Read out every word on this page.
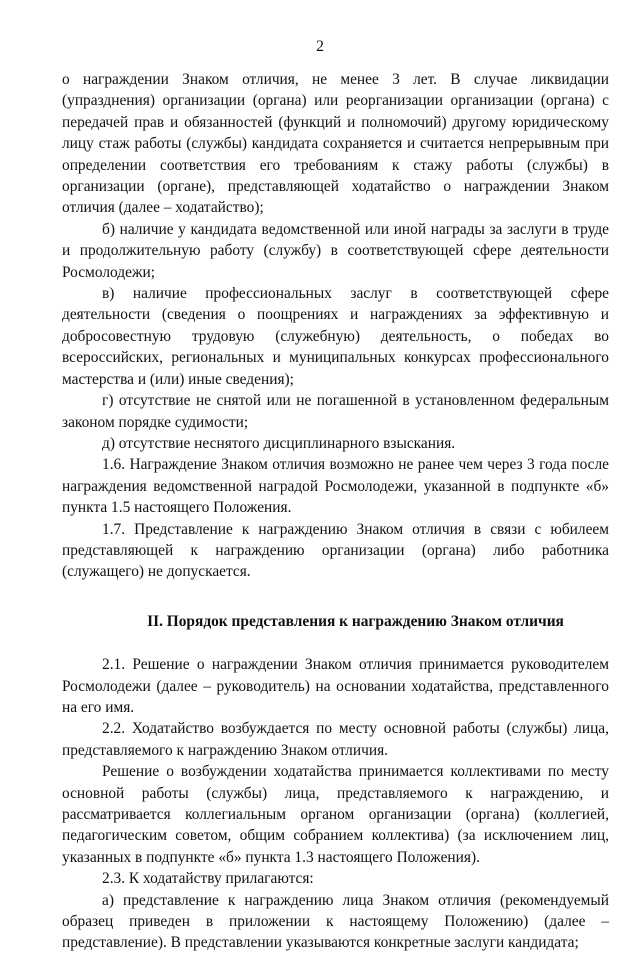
2

о награждении Знаком отличия, не менее 3 лет. В случае ликвидации (упразднения) организации (органа) или реорганизации организации (органа) с передачей прав и обязанностей (функций и полномочий) другому юридическому лицу стаж работы (службы) кандидата сохраняется и считается непрерывным при определении соответствия его требованиям к стажу работы (службы) в организации (органе), представляющей ходатайство о награждении Знаком отличия (далее – ходатайство);

б) наличие у кандидата ведомственной или иной награды за заслуги в труде и продолжительную работу (службу) в соответствующей сфере деятельности Росмолодежи;

в) наличие профессиональных заслуг в соответствующей сфере деятельности (сведения о поощрениях и награждениях за эффективную и добросовестную трудовую (служебную) деятельность, о победах во всероссийских, региональных и муниципальных конкурсах профессионального мастерства и (или) иные сведения);

г) отсутствие не снятой или не погашенной в установленном федеральным законом порядке судимости;

д) отсутствие неснятого дисциплинарного взыскания.

1.6. Награждение Знаком отличия возможно не ранее чем через 3 года после награждения ведомственной наградой Росмолодежи, указанной в подпункте «б» пункта 1.5 настоящего Положения.

1.7. Представление к награждению Знаком отличия в связи с юбилеем представляющей к награждению организации (органа) либо работника (служащего) не допускается.

II. Порядок представления к награждению Знаком отличия

2.1. Решение о награждении Знаком отличия принимается руководителем Росмолодежи (далее – руководитель) на основании ходатайства, представленного на его имя.

2.2. Ходатайство возбуждается по месту основной работы (службы) лица, представляемого к награждению Знаком отличия.

Решение о возбуждении ходатайства принимается коллективами по месту основной работы (службы) лица, представляемого к награждению, и рассматривается коллегиальным органом организации (органа) (коллегией, педагогическим советом, общим собранием коллектива) (за исключением лиц, указанных в подпункте «б» пункта 1.3 настоящего Положения).

2.3. К ходатайству прилагаются:

а) представление к награждению лица Знаком отличия (рекомендуемый образец приведен в приложении к настоящему Положению) (далее – представление). В представлении указываются конкретные заслуги кандидата;
